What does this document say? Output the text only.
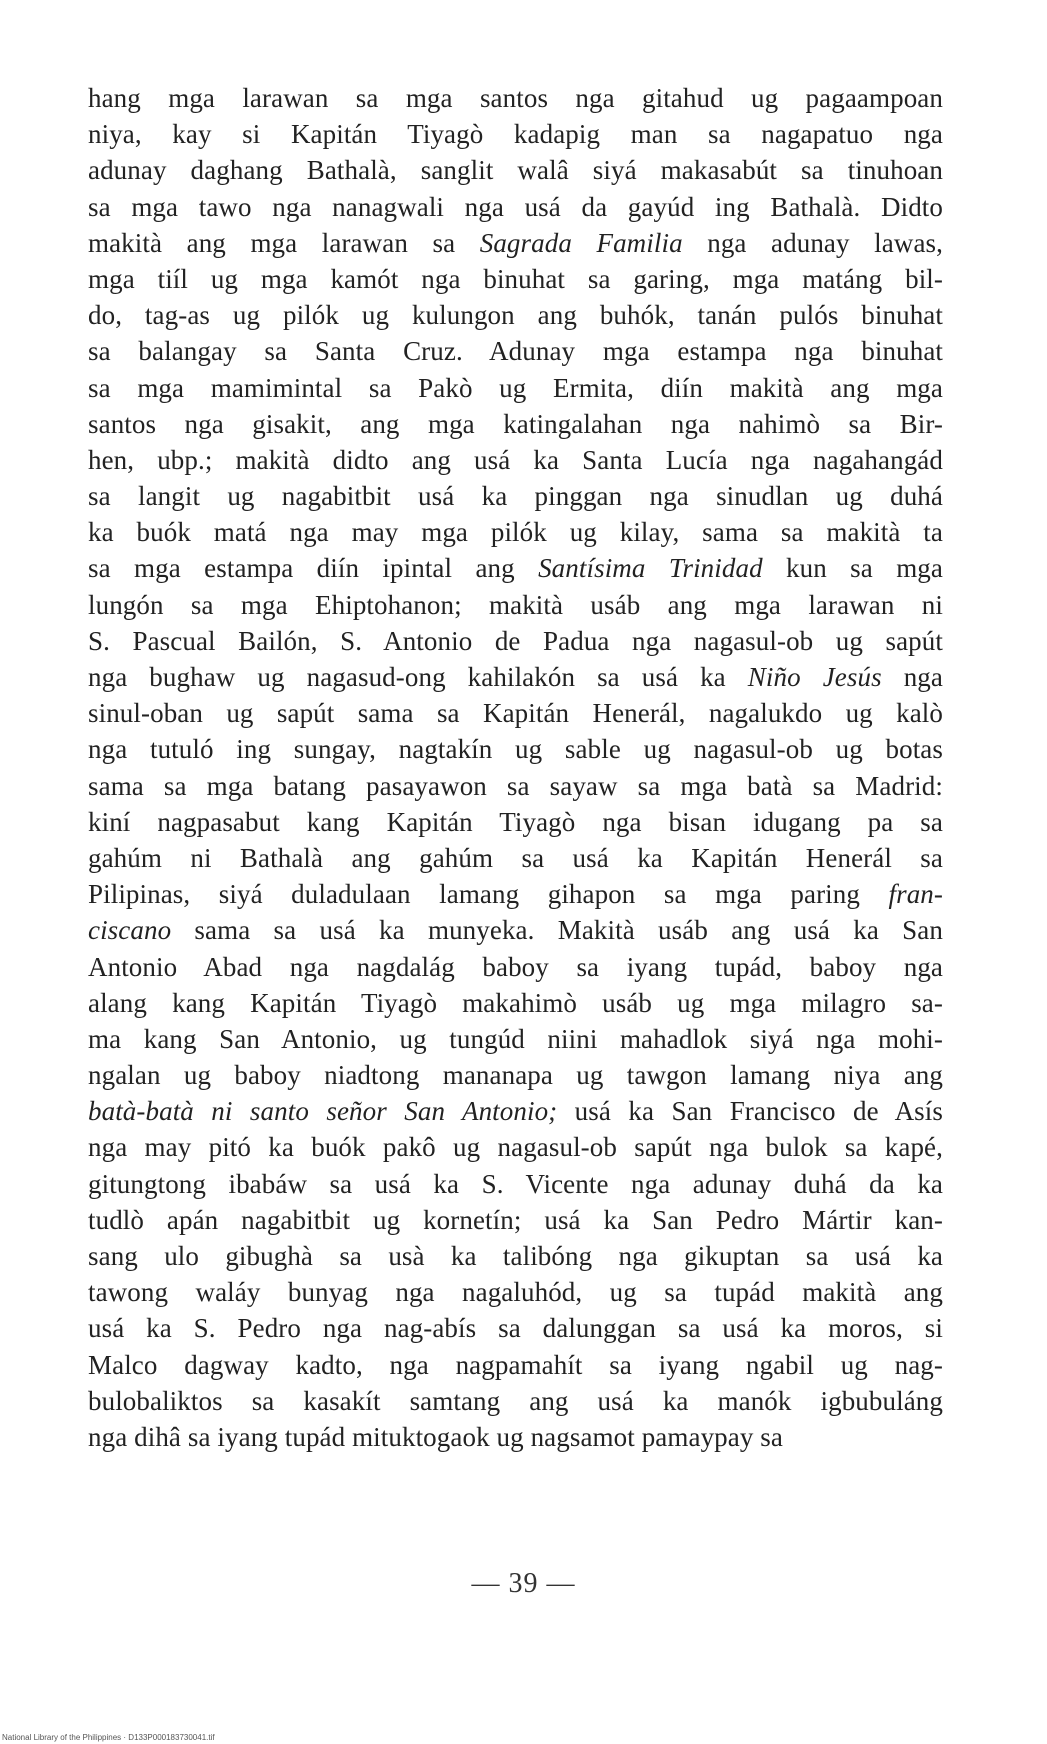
hang mga larawan sa mga santos nga gitahud ug pagaampoan
niya, kay si Kapitán Tiyagò kadapig man sa nagapatuo nga
adunay daghang Bathalà, sanglit walâ siyá makasabút sa tinuhoan
sa mga tawo nga nanagwali nga usá da gayúd ing Bathalà. Didto
makità ang mga larawan sa Sagrada Familia nga adunay lawas,
mga tiíl ug mga kamót nga binuhat sa garing, mga matáng bil-
do, tag-as ug pilók ug kulungon ang buhók, tanán pulós binuhat
sa balangay sa Santa Cruz. Adunay mga estampa nga binuhat
sa mga mamimintal sa Pakò ug Ermita, diín makità ang mga
santos nga gisakit, ang mga katingalahan nga nahimò sa Bir-
hen, ubp.; makità didto ang usá ka Santa Lucía nga nagahangád
sa langit ug nagabitbit usá ka pinggan nga sinudlan ug duhá
ka buók matá nga may mga pilók ug kilay, sama sa makità ta
sa mga estampa diín ipintal ang Santísima Trinidad kun sa mga
lungón sa mga Ehiptohanon; makità usáb ang mga larawan ni
S. Pascual Bailón, S. Antonio de Padua nga nagasul-ob ug sapút
nga bughaw ug nagasud-ong kahilakón sa usá ka Niño Jesús nga
sinul-oban ug sapút sama sa Kapitán Henerál, nagalukdo ug kalò
nga tutuló ing sungay, nagtakín ug sable ug nagasul-ob ug botas
sama sa mga batang pasayawon sa sayaw sa mga batà sa Madrid:
kiní nagpasabut kang Kapitán Tiyagò nga bisan idugang pa sa
gahúm ni Bathalà ang gahúm sa usá ka Kapitán Henerál sa
Pilipinas, siyá duladulaan lamang gihapon sa mga paring fran-
ciscano sama sa usá ka munyeka. Makità usáb ang usá ka San
Antonio Abad nga nagdalág baboy sa iyang tupád, baboy nga
alang kang Kapitán Tiyagò makahimò usáb ug mga milagro sa-
ma kang San Antonio, ug tungúd niini mahadlok siyá nga mohi-
ngalan ug baboy niadtong mananapa ug tawgon lamang niya ang
batà-batà ni santo señor San Antonio; usá ka San Francisco de Asís
nga may pitó ka buók pakô ug nagasul-ob sapút nga bulok sa kapé,
gitungtong ibabáw sa usá ka S. Vicente nga adunay duhá da ka
tudlò apán nagabitbit ug kornetín; usá ka San Pedro Mártir kan-
sang ulo gibughà sa usà ka talibóng nga gikuptan sa usá ka
tawong waláy bunyag nga nagaluhód, ug sa tupád makità ang
usá ka S. Pedro nga nag-abís sa dalunggan sa usá ka moros, si
Malco dagway kadto, nga nagpamahít sa iyang ngabil ug nag-
bulobaliktos sa kasakít samtang ang usá ka manók igbubuláng
nga dihâ sa iyang tupád mituktogaok ug nagsamot pamaypay sa
— 39 —
National Library of the Philippines · D133P000183730041.tif
